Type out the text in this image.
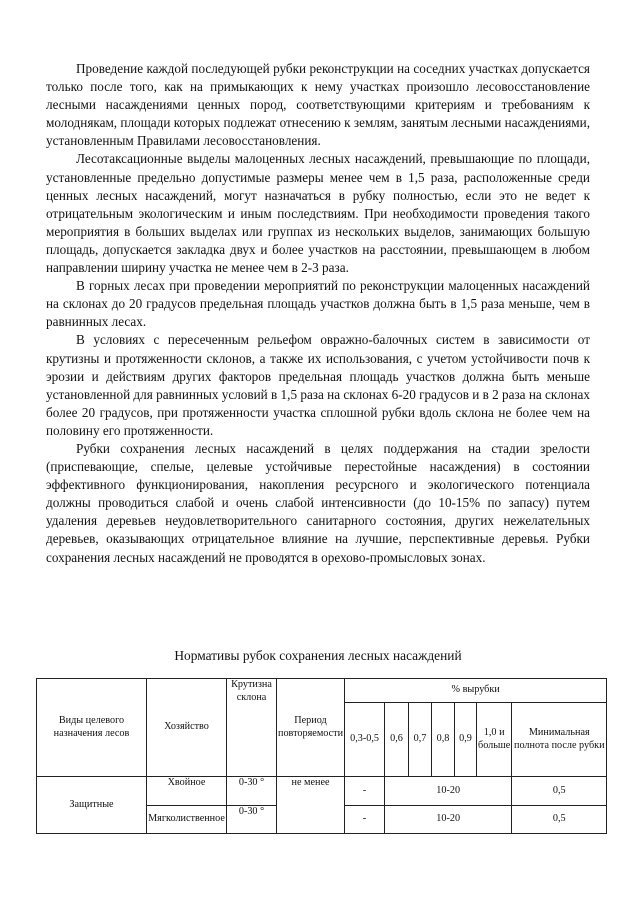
Проведение каждой последующей рубки реконструкции на соседних участках допускается только после того, как на примыкающих к нему участках произошло лесовосстановление лесными насаждениями ценных пород, соответствующими критериям и требованиям к молоднякам, площади которых подлежат отнесению к землям, занятым лесными насаждениями, установленным Правилами лесовосстановления.

Лесотаксационные выделы малоценных лесных насаждений, превышающие по площади, установленные предельно допустимые размеры менее чем в 1,5 раза, расположенные среди ценных лесных насаждений, могут назначаться в рубку полностью, если это не ведет к отрицательным экологическим и иным последствиям. При необходимости проведения такого мероприятия в больших выделах или группах из нескольких выделов, занимающих большую площадь, допускается закладка двух и более участков на расстоянии, превышающем в любом направлении ширину участка не менее чем в 2-3 раза.

В горных лесах при проведении мероприятий по реконструкции малоценных насаждений на склонах до 20 градусов предельная площадь участков должна быть в 1,5 раза меньше, чем в равнинных лесах.

В условиях с пересеченным рельефом овражно-балочных систем в зависимости от крутизны и протяженности склонов, а также их использования, с учетом устойчивости почв к эрозии и действиям других факторов предельная площадь участков должна быть меньше установленной для равнинных условий в 1,5 раза на склонах 6-20 градусов и в 2 раза на склонах более 20 градусов, при протяженности участка сплошной рубки вдоль склона не более чем на половину его протяженности.

Рубки сохранения лесных насаждений в целях поддержания на стадии зрелости (приспевающие, спелые, целевые устойчивые перестойные насаждения) в состоянии эффективного функционирования, накопления ресурсного и экологического потенциала должны проводиться слабой и очень слабой интенсивности (до 10-15% по запасу) путем удаления деревьев неудовлетворительного санитарного состояния, других нежелательных деревьев, оказывающих отрицательное влияние на лучшие, перспективные деревья. Рубки сохранения лесных насаждений не проводятся в орехово-промысловых зонах.

Нормативы рубок сохранения лесных насаждений
Виды целевого назначения лесов	Хозяйство	Крутизна склона	Период повторяемости	% вырубки						
				0,3-0,5	0,6	0,7	0,8	0,9	1,0 и больше	Минимальная полнота после рубки
Защитные	Хвойное	0-30 °	не менее	-	10-20					0,5
	Мягколиственное	0-30 °		-	10-20					0,5
